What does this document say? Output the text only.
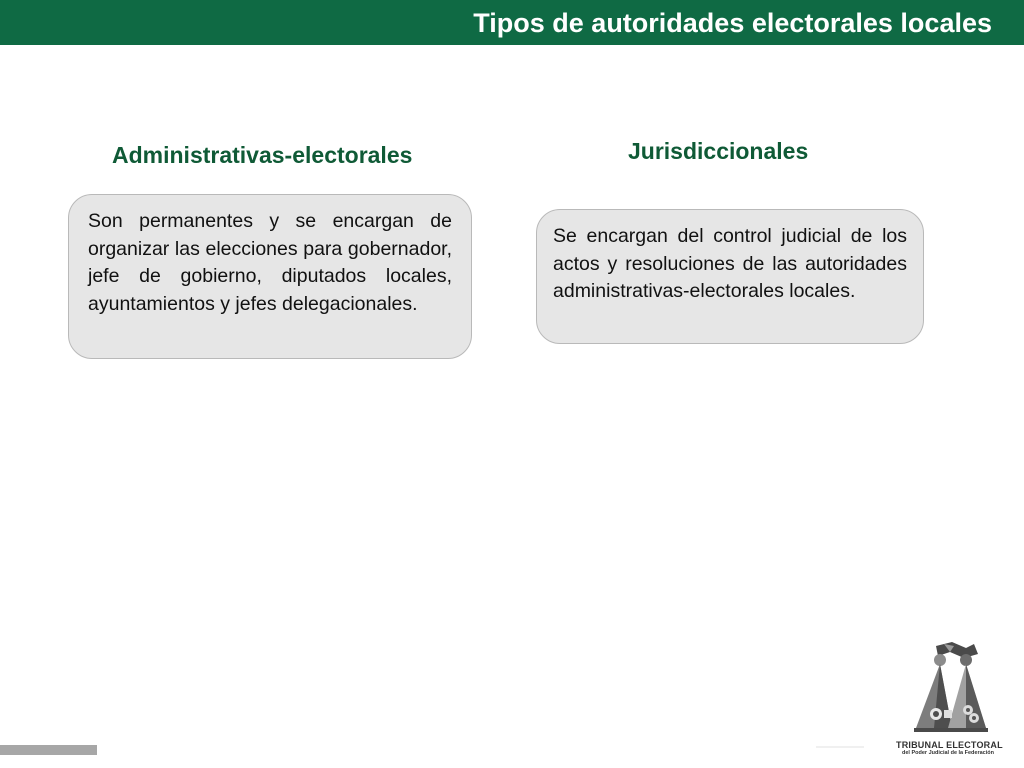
Tipos de autoridades electorales locales
Administrativas-electorales	Jurisdiccionales
Son permanentes y se encargan de organizar las elecciones para gobernador, jefe de gobierno, diputados locales, ayuntamientos y jefes delegacionales.
Se encargan del control judicial de los actos y resoluciones de las autoridades administrativas-electorales locales.
TRIBUNAL ELECTORAL
del Poder Judicial de la Federación
